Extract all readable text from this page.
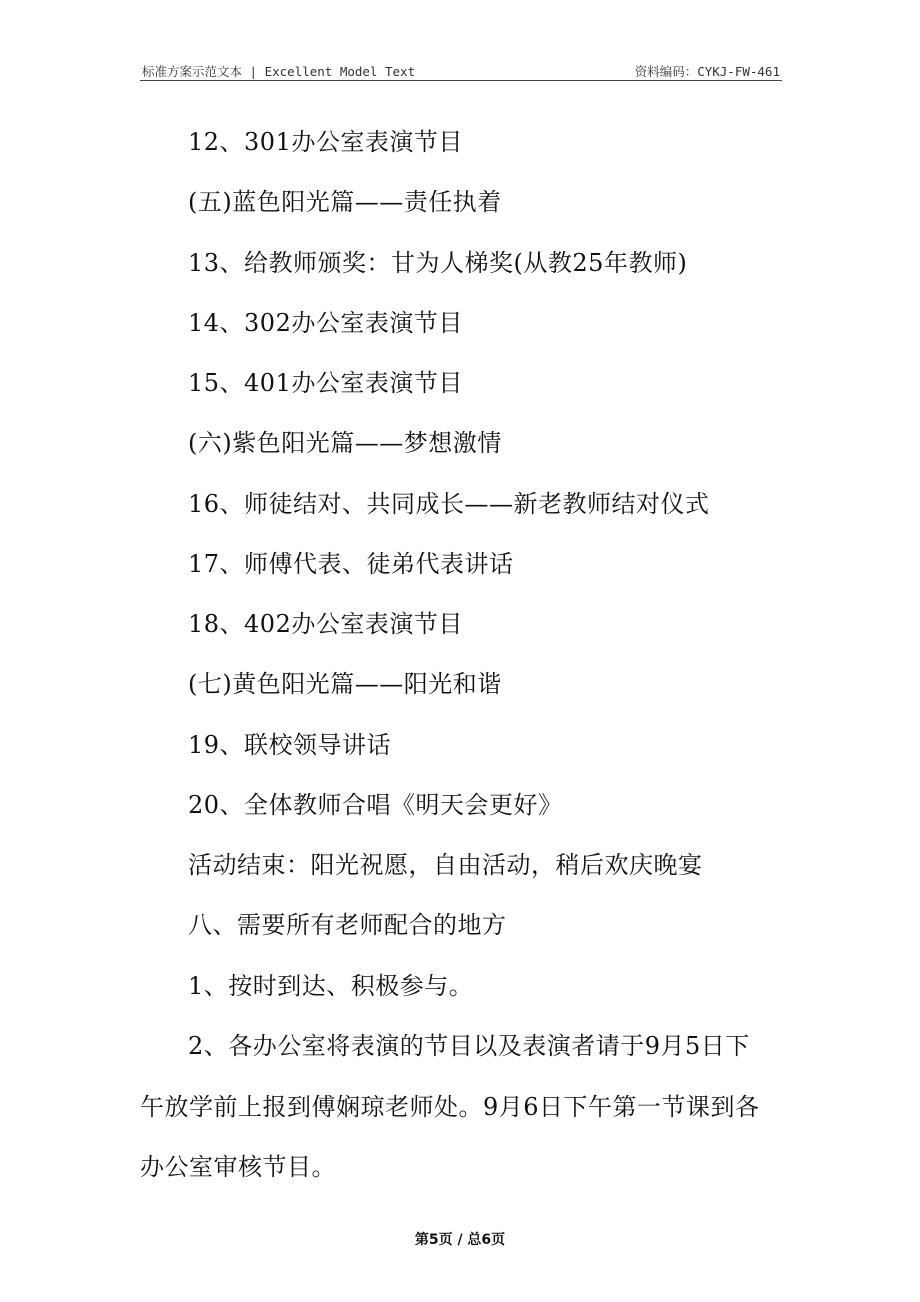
标准方案示范文本 | Excellent Model Text	资料编码：CYKJ-FW-461
12、301办公室表演节目
(五)蓝色阳光篇——责任执着
13、给教师颁奖：甘为人梯奖(从教25年教师)
14、302办公室表演节目
15、401办公室表演节目
(六)紫色阳光篇——梦想激情
16、师徒结对、共同成长——新老教师结对仪式
17、师傅代表、徒弟代表讲话
18、402办公室表演节目
(七)黄色阳光篇——阳光和谐
19、联校领导讲话
20、全体教师合唱《明天会更好》
活动结束：阳光祝愿，自由活动，稍后欢庆晚宴
八、需要所有老师配合的地方
1、按时到达、积极参与。
2、各办公室将表演的节目以及表演者请于9月5日下
午放学前上报到傅娴琼老师处。9月6日下午第一节课到各
办公室审核节目。
第5页 / 总6页
